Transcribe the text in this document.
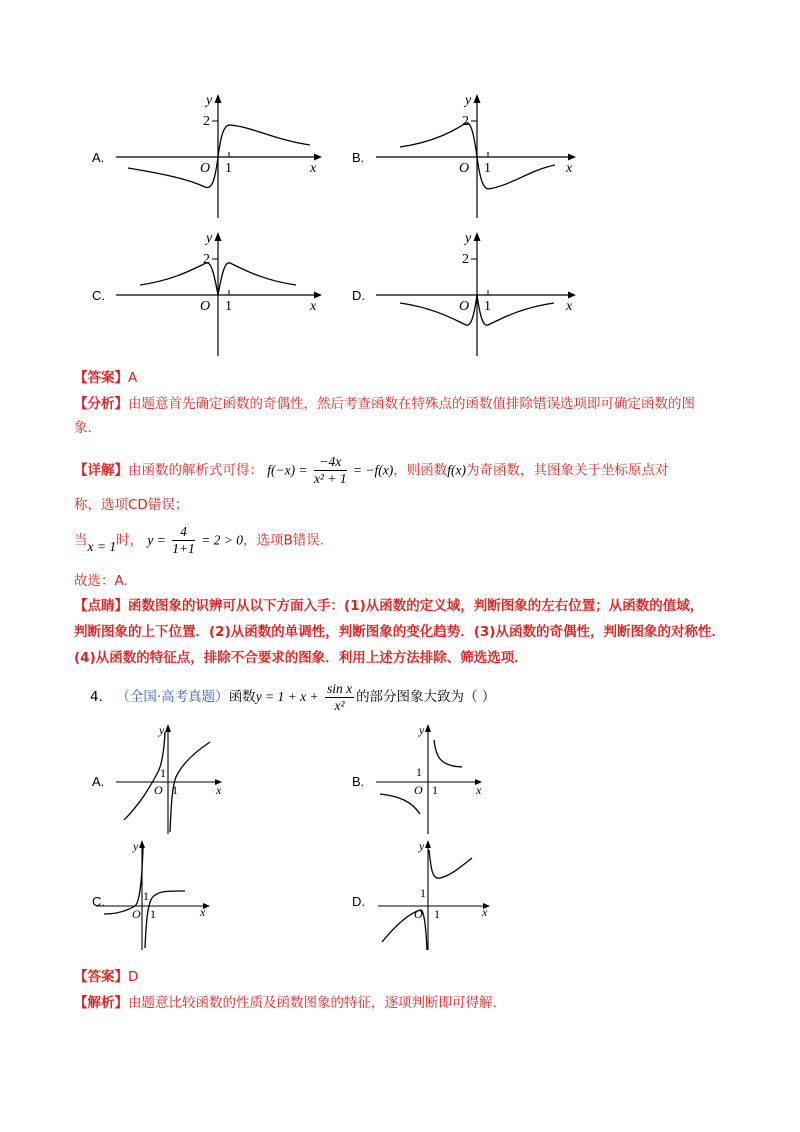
A.
2
y
x
O 1
B.
2
y
x
O 1
C.
2
y
x
O 1
D.
2
y
x
O 1
【答案】A
【分析】由题意首先确定函数的奇偶性，然后考查函数在特殊点的函数值排除错误选项即可确定函数的图
象.
【详解】由函数的解析式可得： $f(-x) = \frac{-4x}{\text{x² + 1}} = -f(x)$，则函数f(x)为奇函数，其图象关于坐标原点对
称，选项CD错误；
当x = 1时， $y = \frac{4}{1+1} = 2 > 0$，选项B错误.
故选：A.
【点睛】函数图象的识辨可从以下方面入手：(1)从函数的定义域，判断图象的左右位置；从函数的值域，
判断图象的上下位置．(2)从函数的单调性，判断图象的变化趋势．(3)从函数的奇偶性，判断图象的对称性．
(4)从函数的特征点，排除不合要求的图象．利用上述方法排除、筛选选项．
4． （全国·高考真题）函数$y = 1 + x + \frac{\text{sin x}}{\text{x²}}$ 的部分图象大致为（ ）
A.
y
x
O 1
1
B.
y
x
O 1
1
C.
y
x
O 1
1	D.
y
x
O 1
1
【答案】D
【解析】由题意比较函数的性质及函数图象的特征，逐项判断即可得解.
